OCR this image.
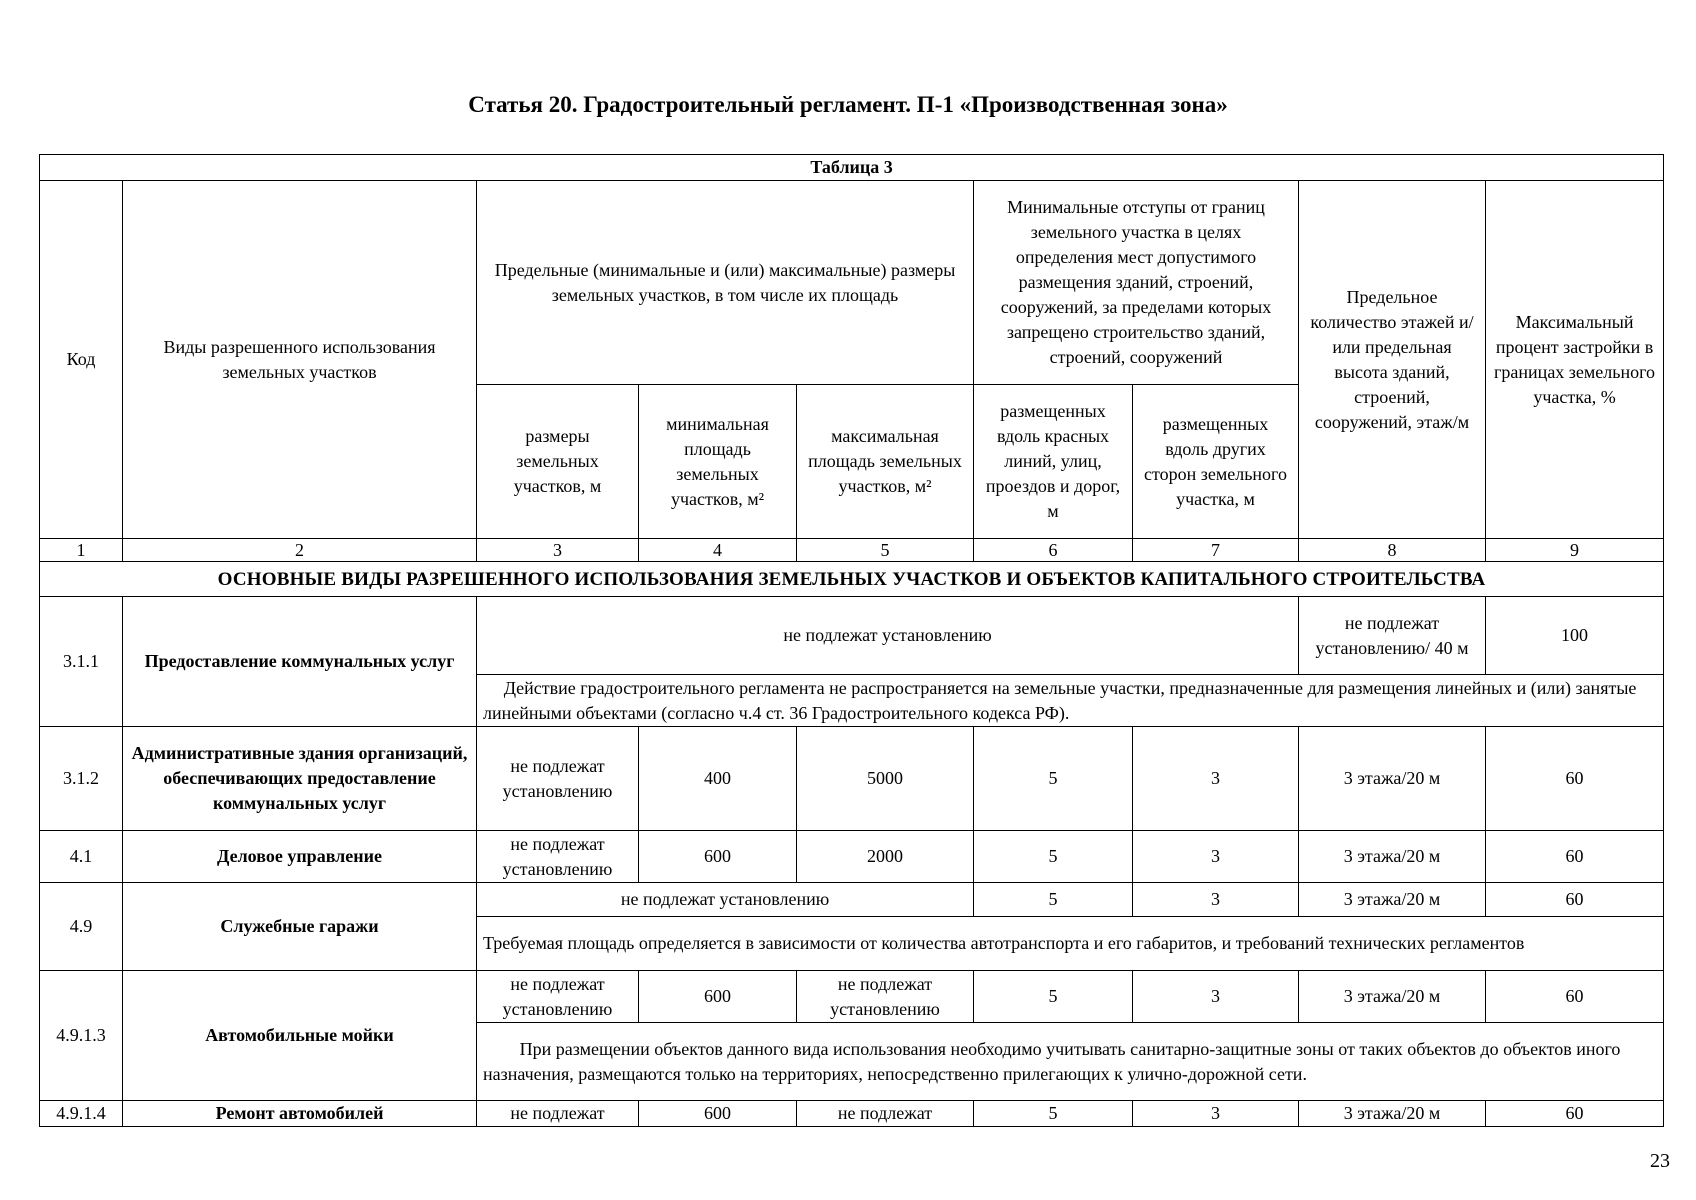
Статья 20. Градостроительный регламент. П-1 «Производственная зона»
Таблица 3								
Код	Виды разрешенного использования земельных участков	Предельные (минимальные и (или) максимальные) размеры земельных участков, в том числе их площадь			Минимальные отступы от границ земельного участка в целях определения мест допустимого размещения зданий, строений, сооружений, за пределами которых запрещено строительство зданий, строений, сооружений		Предельное количество этажей и/или предельная высота зданий, строений, сооружений, этаж/м	Максимальный процент застройки в границах земельного участка, %
		размеры земельных участков, м	минимальная площадь земельных участков, м²	максимальная площадь земельных участков, м²	размещенных вдоль красных линий, улиц, проездов и дорог, м	размещенных вдоль других сторон земельного участка, м		
1	2	3	4	5	6	7	8	9
ОСНОВНЫЕ ВИДЫ РАЗРЕШЕННОГО ИСПОЛЬЗОВАНИЯ ЗЕМЕЛЬНЫХ УЧАСТКОВ И ОБЪЕКТОВ КАПИТАЛЬНОГО СТРОИТЕЛЬСТВА								
3.1.1	Предоставление коммунальных услуг	не подлежат установлению					не подлежат установлению/ 40 м	100
		Действие градостроительного регламента не распространяется на земельные участки, предназначенные для размещения линейных и (или) занятые линейными объектами (согласно ч.4 ст. 36 Градостроительного кодекса РФ).						
3.1.2	Административные здания организаций, обеспечивающих предоставление коммунальных услуг	не подлежат установлению	400	5000	5	3	3 этажа/20 м	60
4.1	Деловое управление	не подлежат установлению	600	2000	5	3	3 этажа/20 м	60
4.9	Служебные гаражи	не подлежат установлению			5	3	3 этажа/20 м	60
		Требуемая площадь определяется в зависимости от количества автотранспорта и его габаритов, и требований технических регламентов						
4.9.1.3	Автомобильные мойки	не подлежат установлению	600	не подлежат установлению	5	3	3 этажа/20 м	60
		При размещении объектов данного вида использования необходимо учитывать санитарно-защитные зоны от таких объектов до объектов иного назначения, размещаются только на территориях, непосредственно прилегающих к улично-дорожной сети.						
4.9.1.4	Ремонт автомобилей	не подлежат	600	не подлежат	5	3	3 этажа/20 м	60
23
